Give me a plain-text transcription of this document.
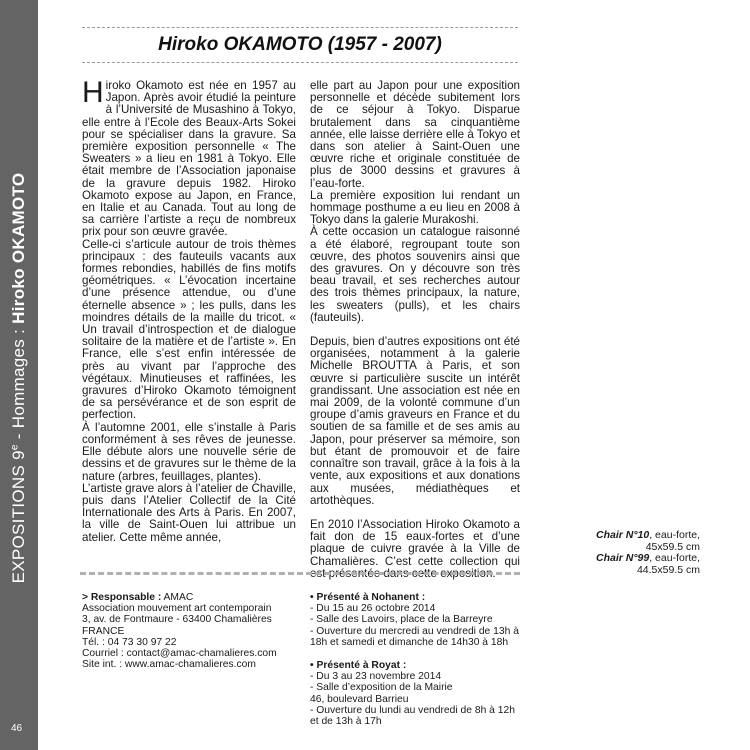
EXPOSITIONS 9e - Hommages : Hiroko OKAMOTO
46
Hiroko OKAMOTO (1957 - 2007)

Hiroko Okamoto est née en 1957 au Japon. Après avoir étudié la peinture à l’Université de Musashino à Tokyo, elle entre à l’Ecole des Beaux-Arts Sokei pour se spécialiser dans la gravure. Sa première exposition personnelle « The Sweaters » a lieu en 1981 à Tokyo. Elle était membre de l’Association japonaise de la gravure depuis 1982. Hiroko Okamoto expose au Japon, en France, en Italie et au Canada. Tout au long de sa carrière l’artiste a reçu de nombreux prix pour son œuvre gravée.

Celle-ci s’articule autour de trois thèmes principaux : des fauteuils vacants aux formes rebondies, habillés de fins motifs géométriques. « L’évocation incertaine d’une présence attendue, ou d’une éternelle absence » ; les pulls, dans les moindres détails de la maille du tricot. « Un travail d’introspection et de dialogue solitaire de la matière et de l’artiste ». En France, elle s’est enfin intéressée de près au vivant par l’approche des végétaux. Minutieuses et raffinées, les gravures d’Hiroko Okamoto témoignent de sa persévérance et de son esprit de perfection.

À l’automne 2001, elle s’installe à Paris conformément à ses rêves de jeunesse. Elle débute alors une nouvelle série de dessins et de gravures sur le thème de la nature (arbres, feuillages, plantes).

L’artiste grave alors à l’atelier de Chaville, puis dans l’Atelier Collectif de la Cité Internationale des Arts à Paris. En 2007, la ville de Saint-Ouen lui attribue un atelier. Cette même année,

elle part au Japon pour une exposition personnelle et décède subitement lors de ce séjour à Tokyo. Disparue brutalement dans sa cinquantième année, elle laisse derrière elle à Tokyo et dans son atelier à Saint-Ouen une œuvre riche et originale constituée de plus de 3000 dessins et gravures à l’eau-forte.

La première exposition lui rendant un hommage posthume a eu lieu en 2008 à Tokyo dans la galerie Murakoshi.

À cette occasion un catalogue raisonné a été élaboré, regroupant toute son œuvre, des photos souvenirs ainsi que des gravures. On y découvre son très beau travail, et ses recherches autour des trois thèmes principaux, la nature, les sweaters (pulls), et les chairs (fauteuils).

Depuis, bien d’autres expositions ont été organisées, notamment à la galerie Michelle BROUTTA à Paris, et son œuvre si particulière suscite un intérêt grandissant. Une association est née en mai 2009, de la volonté commune d’un groupe d’amis graveurs en France et du soutien de sa famille et de ses amis au Japon, pour préserver sa mémoire, son but étant de promouvoir et de faire connaître son travail, grâce à la fois à la vente, aux expositions et aux donations aux musées, médiathèques et artothèques.

En 2010 l’Association Hiroko Okamoto a fait don de 15 eaux-fortes et d’une plaque de cuivre gravée à la Ville de Chamalières. C’est cette collection qui est présentée dans cette exposition.

Chair N°10, eau-forte,
45x59.5 cm
Chair N°99, eau-forte,
44.5x59.5 cm
> Responsable : AMAC
Association mouvement art contemporain
3, av. de Fontmaure - 63400 Chamalières
FRANCE
Tél. : 04 73 30 97 22
Courriel : contact@amac-chamalieres.com
Site int. : www.amac-chamalieres.com
• Présenté à Nohanent :
- Du 15 au 26 octobre 2014
- Salle des Lavoirs, place de la Barreyre
- Ouverture du mercredi au vendredi de 13h à 18h et samedi et dimanche de 14h30 à 18h
• Présenté à Royat :
- Du 3 au 23 novembre 2014
- Salle d’exposition de la Mairie
46, boulevard Barrieu
- Ouverture du lundi au vendredi de 8h à 12h et de 13h à 17h
